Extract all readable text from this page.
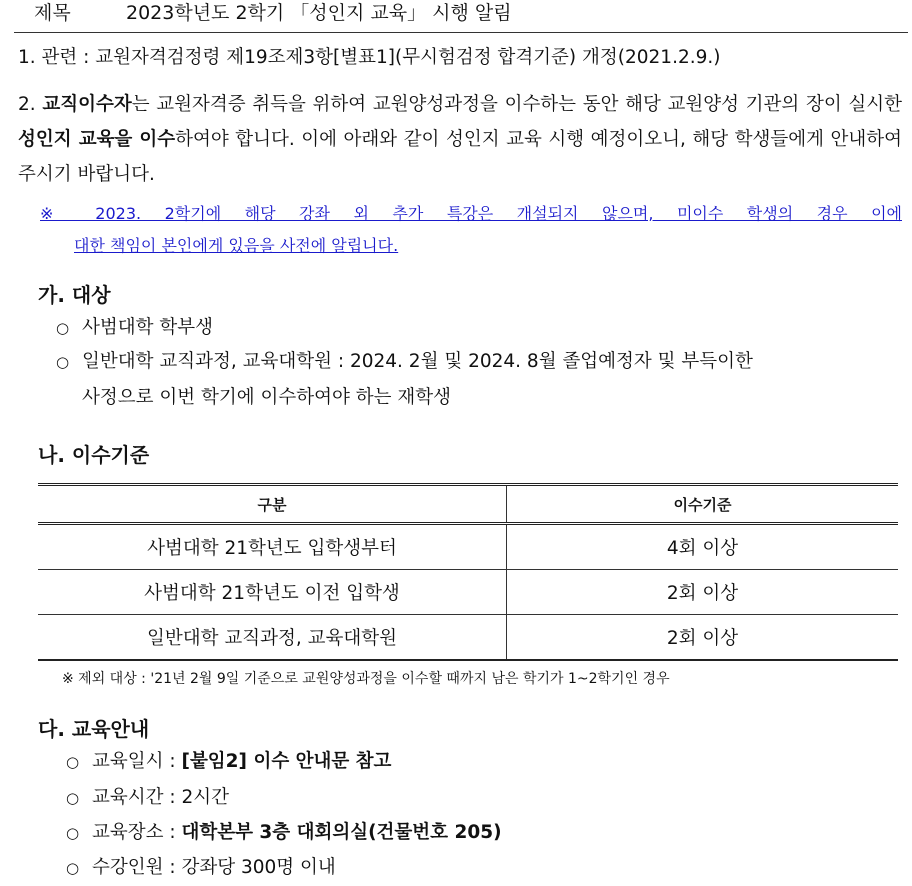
제목	2023학년도 2학기 「성인지 교육」 시행 알림
1. 관련 : 교원자격검정령 제19조제3항[별표1](무시험검정 합격기준) 개정(2021.2.9.)
2. 교직이수자는 교원자격증 취득을 위하여 교원양성과정을 이수하는 동안 해당 교원양성 기관의 장이 실시한 성인지 교육을 이수하여야 합니다. 이에 아래와 같이 성인지 교육 시행 예정이오니, 해당 학생들에게 안내하여 주시기 바랍니다.
※ 2023. 2학기에 해당 강좌 외 추가 특강은 개설되지 않으며, 미이수 학생의 경우 이에
대한 책임이 본인에게 있음을 사전에 알립니다.
가. 대상
○ 사범대학 학부생
○ 일반대학 교직과정, 교육대학원 : 2024. 2월 및 2024. 8월 졸업예정자 및 부득이한
사정으로 이번 학기에 이수하여야 하는 재학생
나. 이수기준
구분	이수기준
사범대학 21학년도 입학생부터	4회 이상
사범대학 21학년도 이전 입학생	2회 이상
일반대학 교직과정, 교육대학원	2회 이상
※ 제외 대상 : '21년 2월 9일 기준으로 교원양성과정을 이수할 때까지 남은 학기가 1~2학기인 경우
다. 교육안내
○ 교육일시 : [붙임2] 이수 안내문 참고
○ 교육시간 : 2시간
○ 교육장소 : 대학본부 3층 대회의실(건물번호 205)
○ 수강인원 : 강좌당 300명 이내
